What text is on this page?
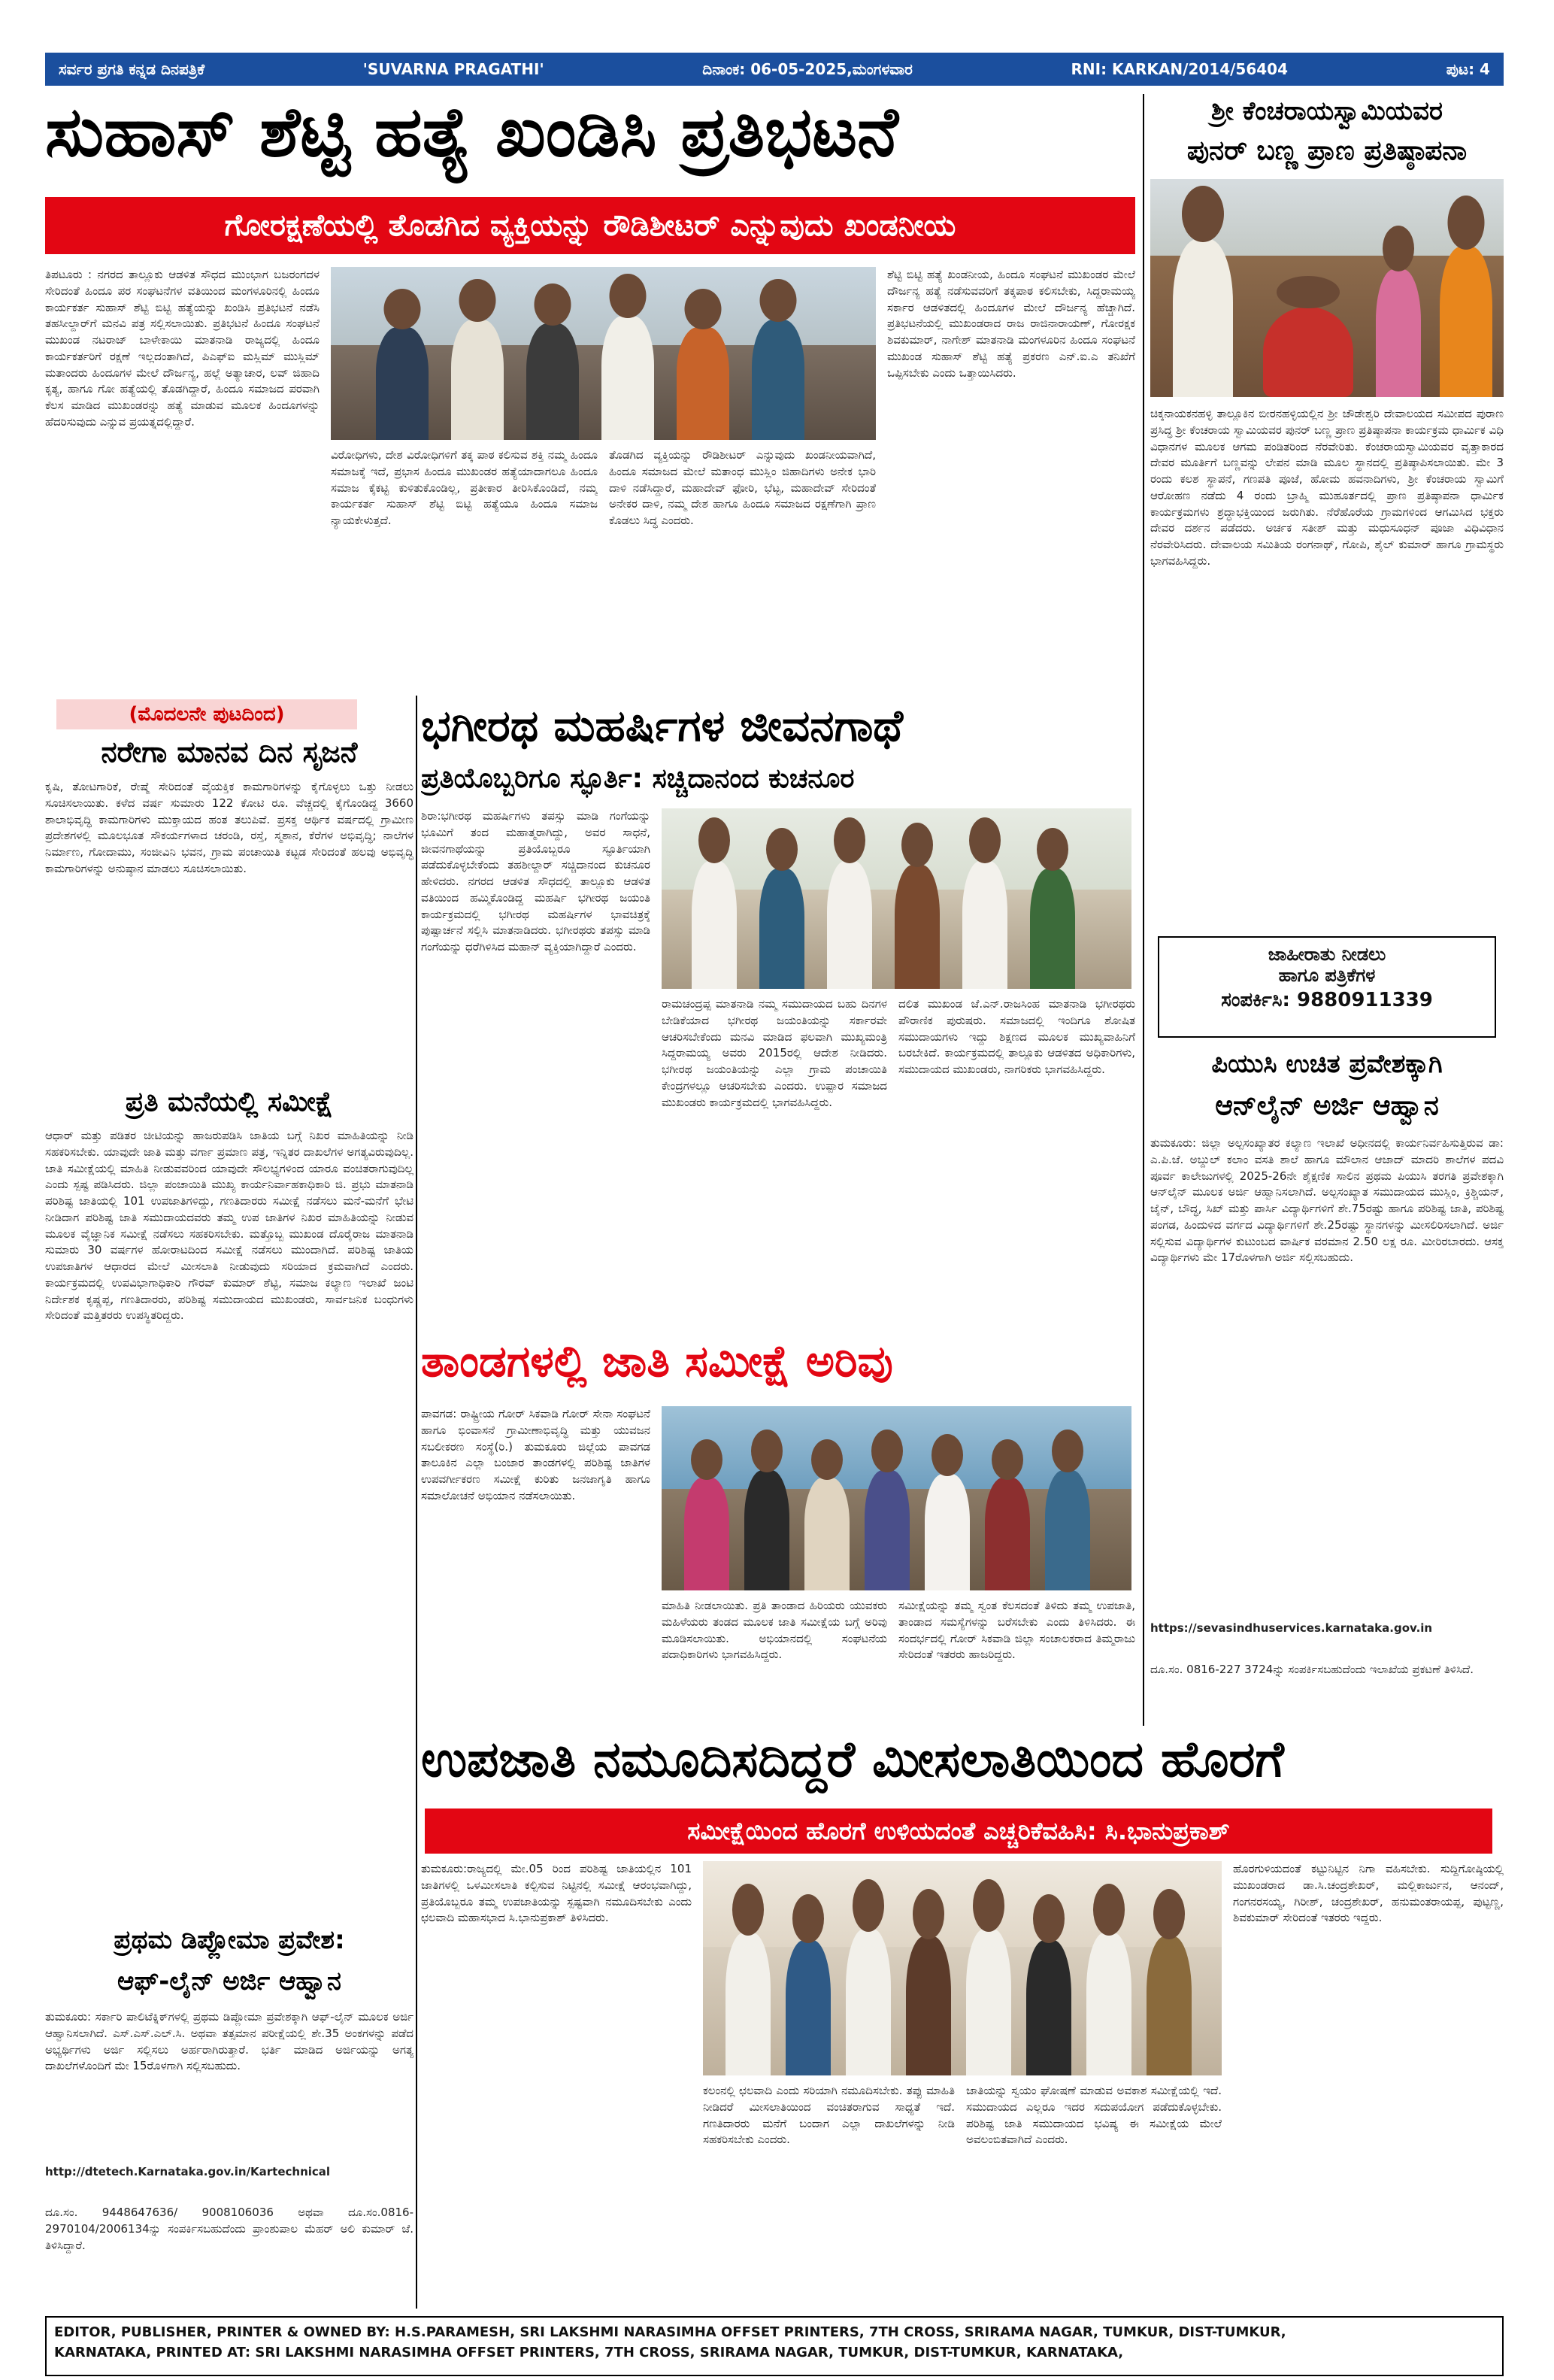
ಸರ್ವರ ಪ್ರಗತಿ ಕನ್ನಡ ದಿನಪತ್ರಿಕೆ	'SUVARNA PRAGATHI'	ದಿನಾಂಕ: 06-05-2025,ಮಂಗಳವಾರ	RNI: KARKAN/2014/56404	ಪುಟ: 4
ಸುಹಾಸ್ ಶೆಟ್ಟಿ ಹತ್ಯೆ ಖಂಡಿಸಿ ಪ್ರತಿಭಟನೆ
ಗೋರಕ್ಷಣೆಯಲ್ಲಿ ತೊಡಗಿದ ವ್ಯಕ್ತಿಯನ್ನು ರೌಡಿಶೀಟರ್ ಎನ್ನುವುದು ಖಂಡನೀಯ
ತಿಪಟೂರು : ನಗರದ ತಾಲ್ಲೂಕು ಆಡಳಿತ ಸೌಧದ ಮುಂಭಾಗ ಬಜರಂಗದಳ ಸೇರಿದಂತೆ ಹಿಂದೂ ಪರ ಸಂಘಟನೆಗಳ ವತಿಯಿಂದ ಮಂಗಳೂರಿನಲ್ಲಿ ಹಿಂದೂ ಕಾರ್ಯಕರ್ತ ಸುಹಾಸ್ ಶೆಟ್ಟಿ ಬಿಟ್ಟಿ ಹತ್ಯೆಯನ್ನು ಖಂಡಿಸಿ ಪ್ರತಿಭಟನೆ ನಡೆಸಿ ತಹಸೀಲ್ದಾರ್‌ಗೆ ಮನವಿ ಪತ್ರ ಸಲ್ಲಿಸಲಾಯಿತು. ಪ್ರತಿಭಟನೆ ಹಿಂದೂ ಸಂಘಟನೆ ಮುಖಂಡ ನಟರಾಜ್ ಬಾಳೇಕಾಯಿ ಮಾತನಾಡಿ ರಾಜ್ಯದಲ್ಲಿ ಹಿಂದೂ ಕಾರ್ಯಕರ್ತರಿಗೆ ರಕ್ಷಣೆ ಇಲ್ಲದಂತಾಗಿದೆ, ಪಿಎಫ್ಐ ಮಸ್ಲಿಮ್ ಮುಸ್ಲಿಮ್ ಮತಾಂದರು ಹಿಂದೂಗಳ ಮೇಲೆ ದೌರ್ಜನ್ಯ, ಹಲ್ಲೆ ಅತ್ಯಾಚಾರ, ಲವ್ ಜಿಹಾದಿ ಕೃತ್ಯ, ಹಾಗೂ ಗೋ ಹತ್ಯೆಯಲ್ಲಿ ತೊಡಗಿದ್ದಾರೆ, ಹಿಂದೂ ಸಮಾಜದ ಪರವಾಗಿ ಕೆಲಸ ಮಾಡಿದ ಮುಖಂಡರನ್ನು ಹತ್ಯೆ ಮಾಡುವ ಮೂಲಕ ಹಿಂದೂಗಳನ್ನು ಹೆದರಿಸುವುದು ಎನ್ನುವ ಪ್ರಯತ್ನದಲ್ಲಿದ್ದಾರೆ.
ವಿರೋಧಿಗಳು, ದೇಶ ವಿರೋಧಿಗಳಿಗೆ ತಕ್ಕ ಪಾಠ ಕಲಿಸುವ ಶಕ್ತಿ ನಮ್ಮ ಹಿಂದೂ ಸಮಾಜಕ್ಕೆ ಇದೆ, ಪ್ರಭಾಸ ಹಿಂದೂ ಮುಖಂಡರ ಹತ್ಯೆಯಾದಾಗಲೂ ಹಿಂದೂ ಸಮಾಜ ಕೈಕಟ್ಟಿ ಕುಳಿತುಕೊಂಡಿಲ್ಲ, ಪ್ರತೀಕಾರ ತೀರಿಸಿಕೊಂಡಿದೆ, ನಮ್ಮ ಕಾರ್ಯಕರ್ತ ಸುಹಾಸ್ ಶೆಟ್ಟಿ ಬಿಟ್ಟಿ ಹತ್ಯೆಯೂ ಹಿಂದೂ ಸಮಾಜ ನ್ಯಾಯಕೇಳುತ್ತದೆ.
ತೊಡಗಿದ ವ್ಯಕ್ತಿಯನ್ನು ರೌಡಿಶೀಟರ್ ಎನ್ನುವುದು ಖಂಡನೀಯವಾಗಿದೆ, ಹಿಂದೂ ಸಮಾಜದ ಮೇಲೆ ಮತಾಂಧ ಮುಸ್ಲಿಂ ಜಿಹಾದಿಗಳು ಅನೇಕ ಭಾರಿ ದಾಳಿ ನಡೆಸಿದ್ದಾರೆ, ಮಹಾದೇವ್ ಫೋರಿ, ಭೆಟ್ಟ, ಮಹಾದೇವ್ ಸೇರಿದಂತೆ ಅನೇಕರ ದಾಳಿ, ನಮ್ಮ ದೇಶ ಹಾಗೂ ಹಿಂದೂ ಸಮಾಜದ ರಕ್ಷಣೆಗಾಗಿ ಪ್ರಾಣ ಕೊಡಲು ಸಿದ್ಧ ಎಂದರು.
ಶೆಟ್ಟಿ ಬಿಟ್ಟಿ ಹತ್ಯೆ ಖಂಡನೀಯ, ಹಿಂದೂ ಸಂಘಟನೆ ಮುಖಂಡರ ಮೇಲೆ ದೌರ್ಜನ್ಯ ಹತ್ಯೆ ನಡೆಸುವವರಿಗೆ ತಕ್ಕಪಾಠ ಕಲಿಸಬೇಕು, ಸಿದ್ದರಾಮಯ್ಯ ಸರ್ಕಾರ ಆಡಳಿತದಲ್ಲಿ ಹಿಂದೂಗಳ ಮೇಲೆ ದೌರ್ಜನ್ಯ ಹೆಚ್ಚಾಗಿದೆ. ಪ್ರತಿಭಟನೆಯಲ್ಲಿ ಮುಖಂಡರಾದ ರಾಜ ರಾಜಿನಾರಾಯಣ್, ಗೋರಕ್ಷಕ ಶಿವಕುಮಾರ್, ನಾಗೇಶ್ ಮಾತನಾಡಿ ಮಂಗಳೂರಿನ ಹಿಂದೂ ಸಂಘಟನೆ ಮುಖಂಡ ಸುಹಾಸ್ ಶೆಟ್ಟಿ ಹತ್ಯೆ ಪ್ರಕರಣ ಎನ್.ಐ.ಎ ತನಿಖೆಗೆ ಒಪ್ಪಿಸಬೇಕು ಎಂದು ಒತ್ತಾಯಿಸಿದರು.
ಶ್ರೀ ಕೆಂಚರಾಯಸ್ವಾಮಿಯವರ
ಪುನರ್ ಬಣ್ಣ ಪ್ರಾಣ ಪ್ರತಿಷ್ಠಾಪನಾ
ಚಿಕ್ಕನಾಯಕನಹಳ್ಳಿ ತಾಲ್ಲೂಕಿನ ಬೀರನಹಳ್ಳಿಯಲ್ಲಿನ ಶ್ರೀ ಚೌಡೇಶ್ವರಿ ದೇವಾಲಯದ ಸಮೀಪದ ಪುರಾಣ ಪ್ರಸಿದ್ಧ ಶ್ರೀ ಕೆಂಚರಾಯ ಸ್ವಾಮಿಯವರ ಪುನರ್ ಬಣ್ಣ ಪ್ರಾಣ ಪ್ರತಿಷ್ಠಾಪನಾ ಕಾರ್ಯಕ್ರಮ ಧಾರ್ಮಿಕ ವಿಧಿ ವಿಧಾನಗಳ ಮೂಲಕ ಆಗಮ ಪಂಡಿತರಿಂದ ನೆರವೇರಿತು. ಕೆಂಚರಾಯಸ್ವಾಮಿಯವರ ವೃತ್ತಾಕಾರದ ದೇವರ ಮೂರ್ತಿಗೆ ಬಣ್ಣವನ್ನು ಲೇಪನ ಮಾಡಿ ಮೂಲ ಸ್ಥಾನದಲ್ಲಿ ಪ್ರತಿಷ್ಠಾಪಿಸಲಾಯಿತು. ಮೇ 3 ರಂದು ಕಲಶ ಸ್ಥಾಪನೆ, ಗಣಪತಿ ಪೂಜೆ, ಹೋಮ ಹವನಾದಿಗಳು, ಶ್ರೀ ಕೆಂಚರಾಯ ಸ್ವಾಮಿಗೆ ಆರೋಹಣ ನಡೆದು 4 ರಂದು ಬ್ರಾಹ್ಮಿ ಮುಹೂರ್ತದಲ್ಲಿ ಪ್ರಾಣ ಪ್ರತಿಷ್ಠಾಪನಾ ಧಾರ್ಮಿಕ ಕಾರ್ಯಕ್ರಮಗಳು ಶ್ರದ್ಧಾಭಕ್ತಿಯಿಂದ ಜರುಗಿತು. ನೆರೆಹೊರೆಯ ಗ್ರಾಮಗಳಿಂದ ಆಗಮಿಸಿದ ಭಕ್ತರು ದೇವರ ದರ್ಶನ ಪಡೆದರು. ಅರ್ಚಕ ಸತೀಶ್ ಮತ್ತು ಮಧುಸೂಧನ್ ಪೂಜಾ ವಿಧಿವಿಧಾನ ನೆರವೇರಿಸಿದರು. ದೇವಾಲಯ ಸಮಿತಿಯ ರಂಗನಾಥ್, ಗೋಪಿ, ಶೈಲ್ ಕುಮಾರ್ ಹಾಗೂ ಗ್ರಾಮಸ್ಥರು ಭಾಗವಹಿಸಿದ್ದರು.
ಜಾಹೀರಾತು ನೀಡಲು
ಹಾಗೂ ಪತ್ರಿಕೆಗಳ
ಸಂಪರ್ಕಿಸಿ: 9880911339
ಪಿಯುಸಿ ಉಚಿತ ಪ್ರವೇಶಕ್ಕಾಗಿ
ಆನ್‌ಲೈನ್ ಅರ್ಜಿ ಆಹ್ವಾನ
ತುಮಕೂರು: ಜಿಲ್ಲಾ ಅಲ್ಪಸಂಖ್ಯಾತರ ಕಲ್ಯಾಣ ಇಲಾಖೆ ಅಧೀನದಲ್ಲಿ ಕಾರ್ಯನಿರ್ವಹಿಸುತ್ತಿರುವ ಡಾ: ಎ.ಪಿ.ಜೆ. ಅಬ್ದುಲ್ ಕಲಾಂ ವಸತಿ ಶಾಲೆ ಹಾಗೂ ಮೌಲಾನ ಆಜಾದ್ ಮಾದರಿ ಶಾಲೆಗಳ ಪದವಿ ಪೂರ್ವ ಕಾಲೇಜುಗಳಲ್ಲಿ 2025-26ನೇ ಶೈಕ್ಷಣಿಕ ಸಾಲಿನ ಪ್ರಥಮ ಪಿಯುಸಿ ತರಗತಿ ಪ್ರವೇಶಕ್ಕಾಗಿ ಆನ್‌ಲೈನ್ ಮೂಲಕ ಅರ್ಜಿ ಆಹ್ವಾನಿಸಲಾಗಿದೆ. ಅಲ್ಪಸಂಖ್ಯಾತ ಸಮುದಾಯದ ಮುಸ್ಲಿಂ, ಕ್ರಿಶ್ಚಿಯನ್, ಜೈನ್, ಬೌದ್ಧ, ಸಿಖ್ ಮತ್ತು ಪಾರ್ಸಿ ವಿದ್ಯಾರ್ಥಿಗಳಿಗೆ ಶೇ.75ರಷ್ಟು ಹಾಗೂ ಪರಿಶಿಷ್ಟ ಜಾತಿ, ಪರಿಶಿಷ್ಟ ಪಂಗಡ, ಹಿಂದುಳಿದ ವರ್ಗದ ವಿದ್ಯಾರ್ಥಿಗಳಿಗೆ ಶೇ.25ರಷ್ಟು ಸ್ಥಾನಗಳನ್ನು ಮೀಸಲಿರಿಸಲಾಗಿದೆ. ಅರ್ಜಿ ಸಲ್ಲಿಸುವ ವಿದ್ಯಾರ್ಥಿಗಳ ಕುಟುಂಬದ ವಾರ್ಷಿಕ ವರಮಾನ 2.50 ಲಕ್ಷ ರೂ. ಮೀರಿರಬಾರದು. ಆಸಕ್ತ ವಿದ್ಯಾರ್ಥಿಗಳು ಮೇ 17ರೊಳಗಾಗಿ ಅರ್ಜಿ ಸಲ್ಲಿಸಬಹುದು.
https://sevasindhuservices.karnataka.gov.in
ದೂ.ಸಂ. 0816-227 3724ನ್ನು ಸಂಪರ್ಕಿಸಬಹುದೆಂದು ಇಲಾಖೆಯ ಪ್ರಕಟಣೆ ತಿಳಿಸಿದೆ.
(ಮೊದಲನೇ ಪುಟದಿಂದ)
ನರೇಗಾ ಮಾನವ ದಿನ ಸೃಜನೆ
ಕೃಷಿ, ತೋಟಗಾರಿಕೆ, ರೇಷ್ಮೆ ಸೇರಿದಂತೆ ವೈಯಕ್ತಿಕ ಕಾಮಗಾರಿಗಳನ್ನು ಕೈಗೊಳ್ಳಲು ಒತ್ತು ನೀಡಲು ಸೂಚಿಸಲಾಯಿತು. ಕಳೆದ ವರ್ಷ ಸುಮಾರು 122 ಕೋಟಿ ರೂ. ವೆಚ್ಚದಲ್ಲಿ ಕೈಗೊಂಡಿದ್ದ 3660 ಶಾಲಾಭಿವೃದ್ಧಿ ಕಾಮಗಾರಿಗಳು ಮುಕ್ತಾಯದ ಹಂತ ತಲುಪಿವೆ. ಪ್ರಸಕ್ತ ಆರ್ಥಿಕ ವರ್ಷದಲ್ಲಿ ಗ್ರಾಮೀಣ ಪ್ರದೇಶಗಳಲ್ಲಿ ಮೂಲಭೂತ ಸೌಕರ್ಯಗಳಾದ ಚರಂಡಿ, ರಸ್ತೆ, ಸ್ಮಶಾನ, ಕೆರೆಗಳ ಅಭಿವೃದ್ಧಿ; ನಾಲೆಗಳ ನಿರ್ಮಾಣ, ಗೋದಾಮು, ಸಂಜೀವಿನಿ ಭವನ, ಗ್ರಾಮ ಪಂಚಾಯಿತಿ ಕಟ್ಟಡ ಸೇರಿದಂತೆ ಹಲವು ಅಭಿವೃದ್ಧಿ ಕಾಮಗಾರಿಗಳನ್ನು ಅನುಷ್ಠಾನ ಮಾಡಲು ಸೂಚಿಸಲಾಯಿತು.
ಪ್ರತಿ ಮನೆಯಲ್ಲಿ ಸಮೀಕ್ಷೆ
ಆಧಾರ್ ಮತ್ತು ಪಡಿತರ ಚೀಟಿಯನ್ನು ಹಾಜರುಪಡಿಸಿ ಜಾತಿಯ ಬಗ್ಗೆ ನಿಖರ ಮಾಹಿತಿಯನ್ನು ನೀಡಿ ಸಹಕರಿಸಬೇಕು. ಯಾವುದೇ ಜಾತಿ ಮತ್ತು ವರ್ಗಾ ಪ್ರಮಾಣ ಪತ್ರ, ಇನ್ನಿತರ ದಾಖಲೆಗಳ ಅಗತ್ಯವಿರುವುದಿಲ್ಲ. ಜಾತಿ ಸಮೀಕ್ಷೆಯಲ್ಲಿ ಮಾಹಿತಿ ನೀಡುವವರಿಂದ ಯಾವುದೇ ಸೌಲಭ್ಯಗಳಿಂದ ಯಾರೂ ವಂಚಿತರಾಗುವುದಿಲ್ಲ ಎಂದು ಸ್ಪಷ್ಟ ಪಡಿಸಿದರು. ಜಿಲ್ಲಾ ಪಂಚಾಯಿತಿ ಮುಖ್ಯ ಕಾರ್ಯನಿರ್ವಾಹಕಾಧಿಕಾರಿ ಜಿ. ಪ್ರಭು ಮಾತನಾಡಿ ಪರಿಶಿಷ್ಟ ಜಾತಿಯಲ್ಲಿ 101 ಉಪಜಾತಿಗಳಿದ್ದು, ಗಣತಿದಾರರು ಸಮೀಕ್ಷೆ ನಡೆಸಲು ಮನೆ-ಮನೆಗೆ ಭೇಟಿ ನೀಡಿದಾಗ ಪರಿಶಿಷ್ಟ ಜಾತಿ ಸಮುದಾಯದವರು ತಮ್ಮ ಉಪ ಜಾತಿಗಳ ನಿಖರ ಮಾಹಿತಿಯನ್ನು ನೀಡುವ ಮೂಲಕ ವೈಜ್ಞಾನಿಕ ಸಮೀಕ್ಷೆ ನಡೆಸಲು ಸಹಕರಿಸಬೇಕು. ಮತ್ತೊಬ್ಬ ಮುಖಂಡ ದೊರೈರಾಜ ಮಾತನಾಡಿ ಸುಮಾರು 30 ವರ್ಷಗಳ ಹೋರಾಟದಿಂದ ಸಮೀಕ್ಷೆ ನಡೆಸಲು ಮುಂದಾಗಿದೆ. ಪರಿಶಿಷ್ಟ ಜಾತಿಯ ಉಪಜಾತಿಗಳ ಆಧಾರದ ಮೇಲೆ ಮೀಸಲಾತಿ ನೀಡುವುದು ಸರಿಯಾದ ಕ್ರಮವಾಗಿದೆ ಎಂದರು. ಕಾರ್ಯಕ್ರಮದಲ್ಲಿ ಉಪವಿಭಾಗಾಧಿಕಾರಿ ಗೌರವ್ ಕುಮಾರ್ ಶೆಟ್ಟಿ, ಸಮಾಜ ಕಲ್ಯಾಣ ಇಲಾಖೆ ಜಂಟಿ ನಿರ್ದೇಶಕ ಕೃಷ್ಣಪ್ಪ, ಗಣತಿದಾರರು, ಪರಿಶಿಷ್ಟ ಸಮುದಾಯದ ಮುಖಂಡರು, ಸಾರ್ವಜನಿಕ ಬಂಧುಗಳು ಸೇರಿದಂತೆ ಮತ್ತಿತರರು ಉಪಸ್ಥಿತರಿದ್ದರು.
ಪ್ರಥಮ ಡಿಪ್ಲೋಮಾ ಪ್ರವೇಶ:
ಆಫ್-ಲೈನ್ ಅರ್ಜಿ ಆಹ್ವಾನ
ತುಮಕೂರು: ಸರ್ಕಾರಿ ಪಾಲಿಟೆಕ್ನಿಕ್‌ಗಳಲ್ಲಿ ಪ್ರಥಮ ಡಿಪ್ಲೋಮಾ ಪ್ರವೇಶಕ್ಕಾಗಿ ಆಫ್-ಲೈನ್ ಮೂಲಕ ಅರ್ಜಿ ಆಹ್ವಾನಿಸಲಾಗಿದೆ. ಎಸ್.ಎಸ್.ಎಲ್.ಸಿ. ಅಥವಾ ತತ್ಸಮಾನ ಪರೀಕ್ಷೆಯಲ್ಲಿ ಶೇ.35 ಅಂಕಗಳನ್ನು ಪಡೆದ ಅಭ್ಯರ್ಥಿಗಳು ಅರ್ಜಿ ಸಲ್ಲಿಸಲು ಅರ್ಹರಾಗಿರುತ್ತಾರೆ. ಭರ್ತಿ ಮಾಡಿದ ಅರ್ಜಿಯನ್ನು ಅಗತ್ಯ ದಾಖಲೆಗಳೊಂದಿಗೆ ಮೇ 15ರೊಳಗಾಗಿ ಸಲ್ಲಿಸಬಹುದು.
http://dtetech.Karnataka.gov.in/Kartechnical
ದೂ.ಸಂ. 9448647636/ 9008106036 ಅಥವಾ ದೂ.ಸಂ.0816-2970104/2006134ನ್ನು ಸಂಪರ್ಕಿಸಬಹುದೆಂದು ಪ್ರಾಂಶುಪಾಲ ಮೆಹರ್ ಅಲಿ ಕುಮಾರ್ ಜೆ. ತಿಳಿಸಿದ್ದಾರೆ.
ಭಗೀರಥ ಮಹರ್ಷಿಗಳ ಜೀವನಗಾಥೆ
ಪ್ರತಿಯೊಬ್ಬರಿಗೂ ಸ್ಫೂರ್ತಿ: ಸಚ್ಚಿದಾನಂದ ಕುಚನೂರ
ಶಿರಾ:ಭಗೀರಥ ಮಹರ್ಷಿಗಳು ತಪಸ್ಸು ಮಾಡಿ ಗಂಗೆಯನ್ನು ಭೂಮಿಗೆ ತಂದ ಮಹಾತ್ಮರಾಗಿದ್ದು, ಅವರ ಸಾಧನೆ, ಜೀವನಗಾಥೆಯನ್ನು ಪ್ರತಿಯೊಬ್ಬರೂ ಸ್ಫೂರ್ತಿಯಾಗಿ ಪಡೆದುಕೊಳ್ಳಬೇಕೆಂದು ತಹಶೀಲ್ದಾರ್ ಸಚ್ಚಿದಾನಂದ ಕುಚನೂರ ಹೇಳಿದರು. ನಗರದ ಆಡಳಿತ ಸೌಧದಲ್ಲಿ ತಾಲ್ಲೂಕು ಆಡಳಿತ ವತಿಯಿಂದ ಹಮ್ಮಿಕೊಂಡಿದ್ದ ಮಹರ್ಷಿ ಭಗೀರಥ ಜಯಂತಿ ಕಾರ್ಯಕ್ರಮದಲ್ಲಿ ಭಗೀರಥ ಮಹರ್ಷಿಗಳ ಭಾವಚಿತ್ರಕ್ಕೆ ಪುಷ್ಪಾರ್ಚನೆ ಸಲ್ಲಿಸಿ ಮಾತನಾಡಿದರು. ಭಗೀರಥರು ತಪಸ್ಸು ಮಾಡಿ ಗಂಗೆಯನ್ನು ಧರೆಗಿಳಿಸಿದ ಮಹಾನ್ ವ್ಯಕ್ತಿಯಾಗಿದ್ದಾರೆ ಎಂದರು.
ರಾಮಚಂದ್ರಪ್ಪ ಮಾತನಾಡಿ ನಮ್ಮ ಸಮುದಾಯದ ಬಹು ದಿನಗಳ ಬೇಡಿಕೆಯಾದ ಭಗೀರಥ ಜಯಂತಿಯನ್ನು ಸರ್ಕಾರವೇ ಆಚರಿಸಬೇಕೆಂದು ಮನವಿ ಮಾಡಿದ ಫಲವಾಗಿ ಮುಖ್ಯಮಂತ್ರಿ ಸಿದ್ದರಾಮಯ್ಯ ಅವರು 2015ರಲ್ಲಿ ಆದೇಶ ನೀಡಿದರು. ಭಗೀರಥ ಜಯಂತಿಯನ್ನು ಎಲ್ಲಾ ಗ್ರಾಮ ಪಂಚಾಯಿತಿ ಕೇಂದ್ರಗಳಲ್ಲೂ ಆಚರಿಸಬೇಕು ಎಂದರು. ಉಪ್ಪಾರ ಸಮಾಜದ ಮುಖಂಡರು ಕಾರ್ಯಕ್ರಮದಲ್ಲಿ ಭಾಗವಹಿಸಿದ್ದರು.
ದಲಿತ ಮುಖಂಡ ಜೆ.ಎನ್.ರಾಜಸಿಂಹ ಮಾತನಾಡಿ ಭಗೀರಥರು ಪೌರಾಣಿಕ ಪುರುಷರು. ಸಮಾಜದಲ್ಲಿ ಇಂದಿಗೂ ಶೋಷಿತ ಸಮುದಾಯಗಳು ಇದ್ದು ಶಿಕ್ಷಣದ ಮೂಲಕ ಮುಖ್ಯವಾಹಿನಿಗೆ ಬರಬೇಕಿದೆ. ಕಾರ್ಯಕ್ರಮದಲ್ಲಿ ತಾಲ್ಲೂಕು ಆಡಳಿತದ ಅಧಿಕಾರಿಗಳು, ಸಮುದಾಯದ ಮುಖಂಡರು, ನಾಗರಿಕರು ಭಾಗವಹಿಸಿದ್ದರು.
ತಾಂಡಗಳಲ್ಲಿ ಜಾತಿ ಸಮೀಕ್ಷೆ ಅರಿವು
ಪಾವಗಡ: ರಾಷ್ಟ್ರೀಯ ಗೋರ್ ಸಿಕವಾಡಿ ಗೋರ್ ಸೇನಾ ಸಂಘಟನೆ ಹಾಗೂ ಭಿಂವಾಸನೆ ಗ್ರಾಮೀಣಾಭಿವೃದ್ಧಿ ಮತ್ತು ಯುವಜನ ಸಬಲೀಕರಣ ಸಂಸ್ಥೆ(ರಿ.) ತುಮಕೂರು ಜಿಲ್ಲೆಯ ಪಾವಗಡ ತಾಲೂಕಿನ ಎಲ್ಲಾ ಬಂಜಾರ ತಾಂಡಗಳಲ್ಲಿ ಪರಿಶಿಷ್ಟ ಜಾತಿಗಳ ಉಪವರ್ಗೀಕರಣ ಸಮೀಕ್ಷೆ ಕುರಿತು ಜನಜಾಗೃತಿ ಹಾಗೂ ಸಮಾಲೋಚನೆ ಅಭಿಯಾನ ನಡೆಸಲಾಯಿತು.
ಮಾಹಿತಿ ನೀಡಲಾಯಿತು. ಪ್ರತಿ ತಾಂಡಾದ ಹಿರಿಯರು ಯುವಕರು ಮಹಿಳೆಯರು ತಂಡದ ಮೂಲಕ ಜಾತಿ ಸಮೀಕ್ಷೆಯ ಬಗ್ಗೆ ಅರಿವು ಮೂಡಿಸಲಾಯಿತು. ಅಭಿಯಾನದಲ್ಲಿ ಸಂಘಟನೆಯ ಪದಾಧಿಕಾರಿಗಳು ಭಾಗವಹಿಸಿದ್ದರು.
ಸಮೀಕ್ಷೆಯನ್ನು ತಮ್ಮ ಸ್ವಂತ ಕೆಲಸದಂತೆ ತಿಳಿದು ತಮ್ಮ ಉಪಜಾತಿ, ತಾಂಡಾದ ಸಮಸ್ಯೆಗಳನ್ನು ಬರೆಸಬೇಕು ಎಂದು ತಿಳಿಸಿದರು. ಈ ಸಂದರ್ಭದಲ್ಲಿ ಗೋರ್ ಸಿಕವಾಡಿ ಜಿಲ್ಲಾ ಸಂಚಾಲಕರಾದ ತಿಮ್ಮರಾಜು ಸೇರಿದಂತೆ ಇತರರು ಹಾಜರಿದ್ದರು.
ಉಪಜಾತಿ ನಮೂದಿಸದಿದ್ದರೆ ಮೀಸಲಾತಿಯಿಂದ ಹೊರಗೆ
ಸಮೀಕ್ಷೆಯಿಂದ ಹೊರಗೆ ಉಳಿಯದಂತೆ ಎಚ್ಚರಿಕೆವಹಿಸಿ: ಸಿ.ಭಾನುಪ್ರಕಾಶ್
ತುಮಕೂರು:ರಾಜ್ಯದಲ್ಲಿ ಮೇ.05 ರಿಂದ ಪರಿಶಿಷ್ಟ ಜಾತಿಯಲ್ಲಿನ 101 ಜಾತಿಗಳಲ್ಲಿ ಒಳಮೀಸಲಾತಿ ಕಲ್ಪಿಸುವ ನಿಟ್ಟಿನಲ್ಲಿ ಸಮೀಕ್ಷೆ ಆರಂಭವಾಗಿದ್ದು, ಪ್ರತಿಯೊಬ್ಬರೂ ತಮ್ಮ ಉಪಜಾತಿಯನ್ನು ಸ್ಪಷ್ಟವಾಗಿ ನಮೂದಿಸಬೇಕು ಎಂದು ಛಲವಾದಿ ಮಹಾಸಭಾದ ಸಿ.ಭಾನುಪ್ರಕಾಶ್ ತಿಳಿಸಿದರು.
ಕಲಂನಲ್ಲಿ ಛಲವಾದಿ ಎಂದು ಸರಿಯಾಗಿ ನಮೂದಿಸಬೇಕು. ತಪ್ಪು ಮಾಹಿತಿ ನೀಡಿದರೆ ಮೀಸಲಾತಿಯಿಂದ ವಂಚಿತರಾಗುವ ಸಾಧ್ಯತೆ ಇದೆ. ಗಣತಿದಾರರು ಮನೆಗೆ ಬಂದಾಗ ಎಲ್ಲಾ ದಾಖಲೆಗಳನ್ನು ನೀಡಿ ಸಹಕರಿಸಬೇಕು ಎಂದರು.
ಜಾತಿಯನ್ನು ಸ್ವಯಂ ಘೋಷಣೆ ಮಾಡುವ ಅವಕಾಶ ಸಮೀಕ್ಷೆಯಲ್ಲಿ ಇದೆ. ಸಮುದಾಯದ ಎಲ್ಲರೂ ಇದರ ಸದುಪಯೋಗ ಪಡೆದುಕೊಳ್ಳಬೇಕು. ಪರಿಶಿಷ್ಟ ಜಾತಿ ಸಮುದಾಯದ ಭವಿಷ್ಯ ಈ ಸಮೀಕ್ಷೆಯ ಮೇಲೆ ಅವಲಂಬಿತವಾಗಿದೆ ಎಂದರು.
ಹೊರಗುಳಿಯದಂತೆ ಕಟ್ಟುನಿಟ್ಟಿನ ನಿಗಾ ವಹಿಸಬೇಕು. ಸುದ್ದಿಗೋಷ್ಠಿಯಲ್ಲಿ ಮುಖಂಡರಾದ ಡಾ.ಸಿ.ಚಂದ್ರಶೇಖರ್, ಮಲ್ಲಿಕಾರ್ಜುನ, ಆನಂದ್, ಗಂಗನರಸಯ್ಯ, ಗಿರೀಶ್, ಚಂದ್ರಶೇಖರ್, ಹನುಮಂತರಾಯಪ್ಪ, ಪುಟ್ಟಣ್ಣ, ಶಿವಕುಮಾರ್ ಸೇರಿದಂತೆ ಇತರರು ಇದ್ದರು.
EDITOR, PUBLISHER, PRINTER & OWNED BY: H.S.PARAMESH, SRI LAKSHMI NARASIMHA OFFSET PRINTERS, 7TH CROSS, SRIRAMA NAGAR, TUMKUR, DIST-TUMKUR,
KARNATAKA, PRINTED AT: SRI LAKSHMI NARASIMHA OFFSET PRINTERS, 7TH CROSS, SRIRAMA NAGAR, TUMKUR, DIST-TUMKUR, KARNATAKA,
